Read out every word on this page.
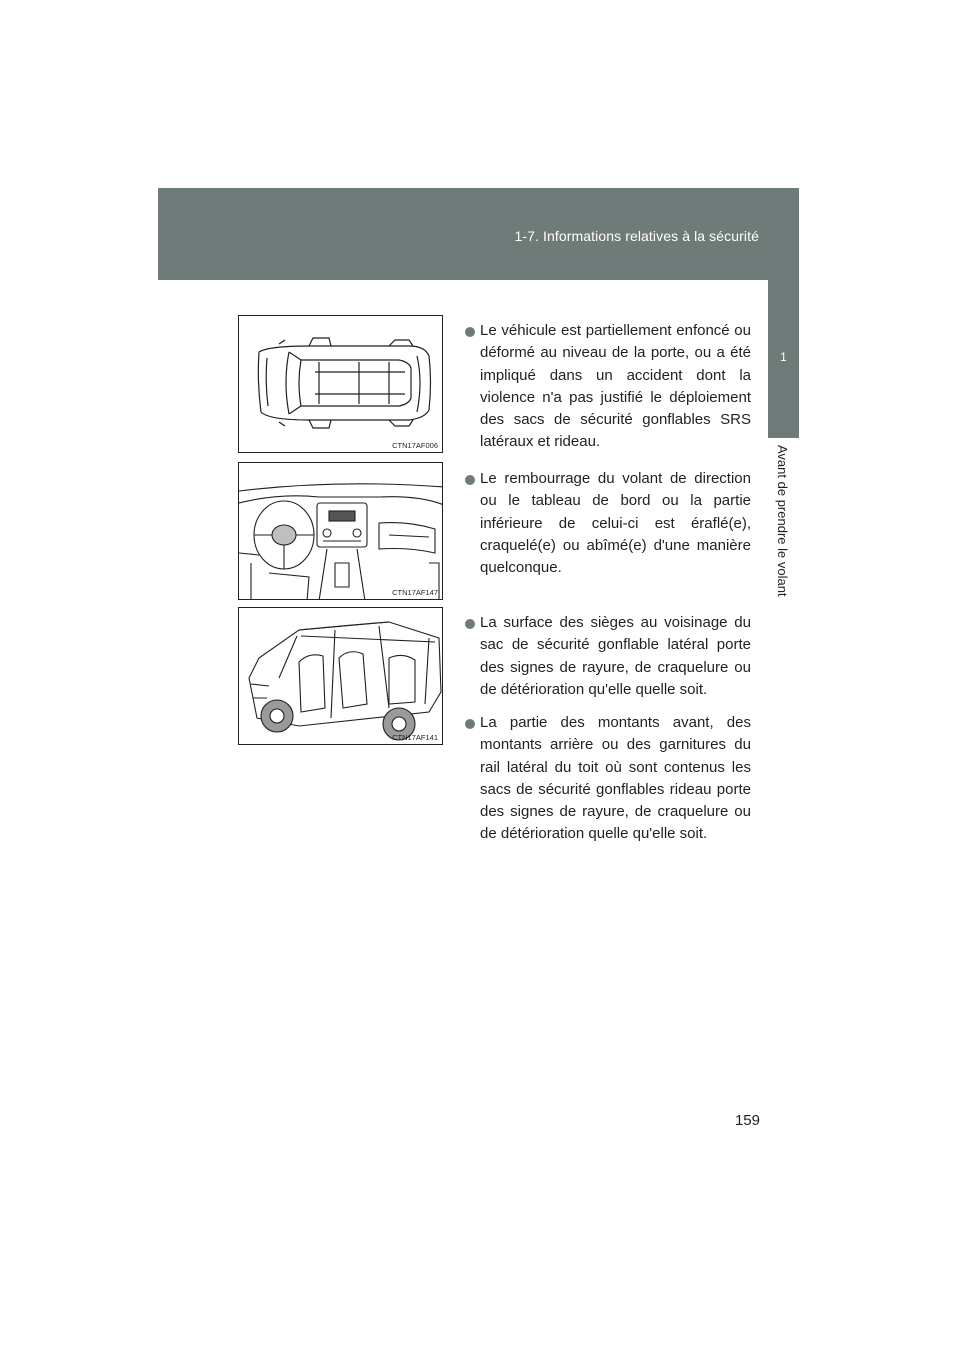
1-7. Informations relatives à la sécurité
1
Avant de prendre le volant
CTN17AF006
CTN17AF147
CTN17AF141
Le véhicule est partiellement enfoncé ou déformé au niveau de la porte, ou a été impliqué dans un accident dont la violence n'a pas justifié le déploiement des sacs de sécurité gonflables SRS latéraux et rideau.
Le rembourrage du volant de direction ou le tableau de bord ou la partie inférieure de celui-ci est éraflé(e), craquelé(e) ou abîmé(e) d'une manière quelconque.
La surface des sièges au voisinage du sac de sécurité gonflable latéral porte des signes de rayure, de craquelure ou de détérioration qu'elle quelle soit.
La partie des montants avant, des montants arrière ou des garnitures du rail latéral du toit où sont contenus les sacs de sécurité gonflables rideau porte des signes de rayure, de craquelure ou de détérioration quelle qu'elle soit.
159
